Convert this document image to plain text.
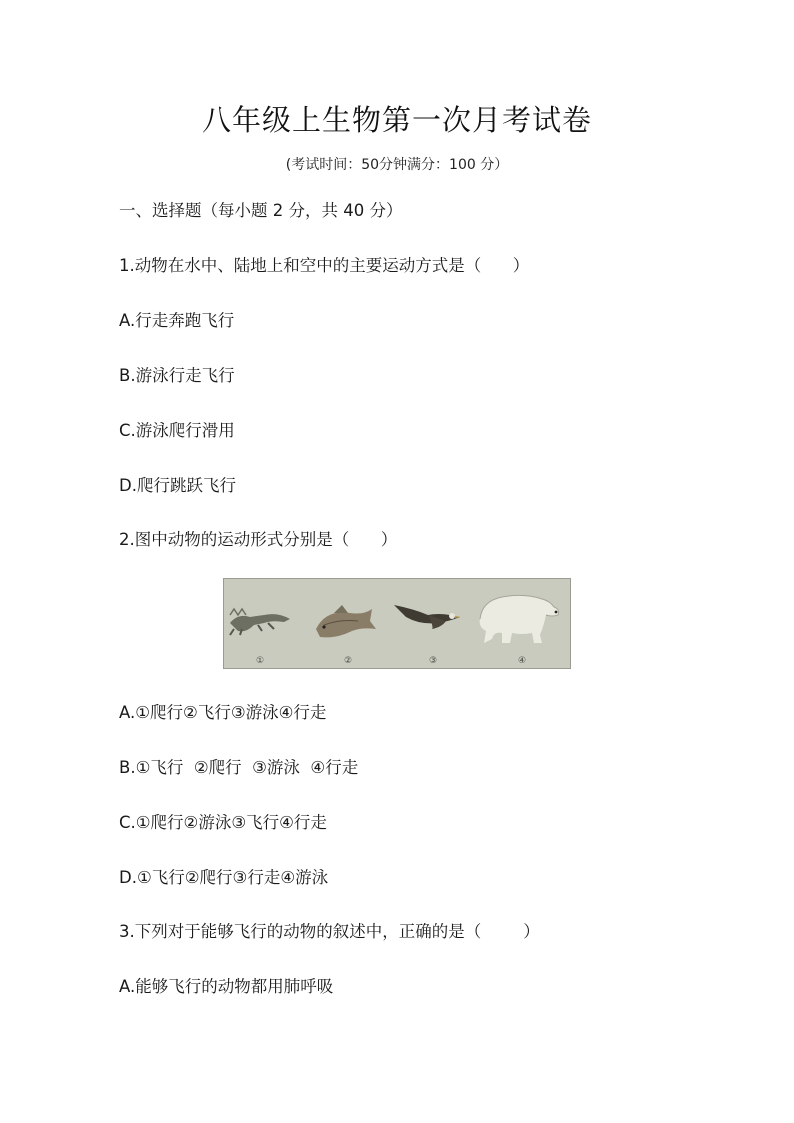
八年级上生物第一次月考试卷
(考试时间：50分钟满分：100 分）
一、选择题（每小题 2 分，共 40 分）
1.动物在水中、陆地上和空中的主要运动方式是（      ）
A.行走奔跑飞行
B.游泳行走飞行
C.游泳爬行滑用
D.爬行跳跃飞行
2.图中动物的运动形式分别是（      ）
①	②	③	④
A.①爬行②飞行③游泳④行走
B.①飞行  ②爬行  ③游泳  ④行走
C.①爬行②游泳③飞行④行走
D.①飞行②爬行③行走④游泳
3.下列对于能够飞行的动物的叙述中，正确的是（        ）
A.能够飞行的动物都用肺呼吸
